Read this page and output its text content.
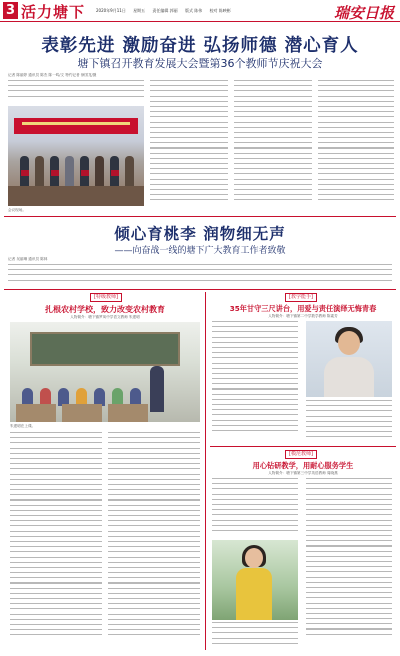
3 活力塘下	2020年9月11日 星期五 责任编辑 郭丽 版式 陈伟 校对 陈映彬	瑞安日报
表彰先进 激励奋进 弘扬师德 潜心育人
塘下镇召开教育发展大会暨第36个教师节庆祝大会
记者 陈丽婷 通讯员 陈杰 陈一鸣/文 特约记者 徐国龙/摄
会议现场。
倾心育桃李 润物细无声
——向奋战一线的塘下广大教育工作者致敬
记者 吴丽琳 通讯员 陈林
[特级教师]
扎根农村学校，致力改变农村教育
人物简介：塘下镇罗凤中学语文教师 朱建明
朱建明在上课。
[教学能手]
35年甘守三尺讲台，用爱与责任演绎无悔青春
人物简介：塘下镇第二中学数学教师 陈素芳
[模范教师]
用心钻研教学，用耐心服务学生
人物简介：塘下镇第三中学英语教师 周晓燕
